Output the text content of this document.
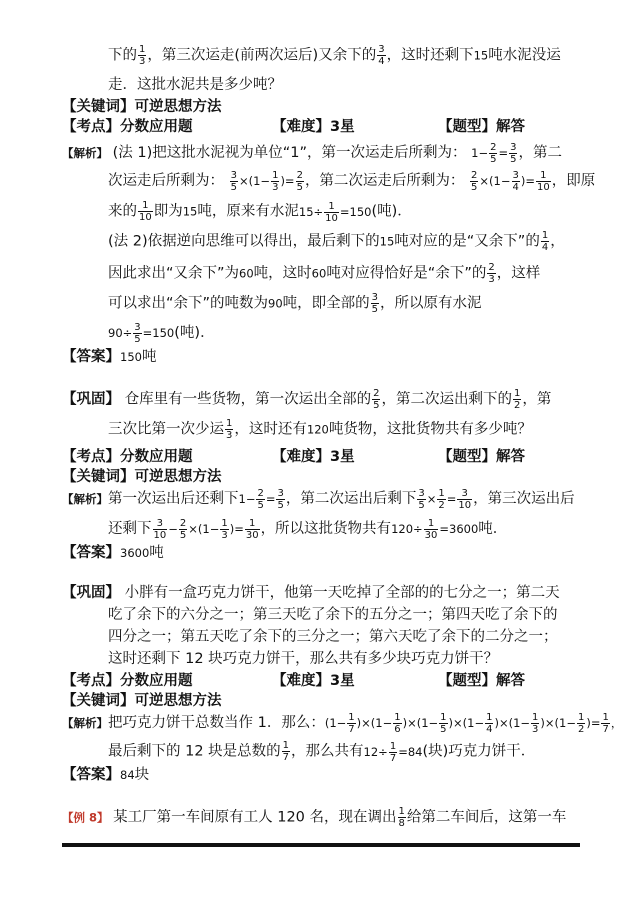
下的 $\frac{1}{3}$ ，第三次运走(前两次运后)又余下的 $\frac{3}{4}$ ，这时还剩下15吨水泥没运
走．这批水泥共是多少吨？
【关键词】可逆思想方法
【考点】分数应用题	【难度】3星	【题型】解答
【解析】 (法 1)把这批水泥视为单位“1”，第一次运走后所剩为： $1- \frac{2}{5} = \frac{3}{5}$ ，第二
次运走后所剩为： $\frac{3}{5} \times(1- \frac{1}{3}$ )= $\frac{2}{5}$ ，第二次运走后所剩为： $\frac{2}{5} \times(1- \frac{3}{4}$ )= $\frac{1}{10}$ ，即原
来的 $\frac{1}{10}$ 即为15吨，原来有水泥$15\div \frac{1}{10} =150$(吨)．
(法 2)依据逆向思维可以得出，最后剩下的15吨对应的是“又余下”的 $\frac{1}{4}$ ，
因此求出“又余下”为60吨，这时60吨对应得恰好是“余下”的 $\frac{2}{3}$ ，这样
可以求出“余下”的吨数为90吨，即全部的 $\frac{3}{5}$ ，所以原有水泥
$90\div \frac{3}{5} =150$(吨)．
【答案】150吨
【巩固】 仓库里有一些货物，第一次运出全部的 $\frac{2}{5}$ ，第二次运出剩下的 $\frac{1}{2}$ ，第
三次比第一次少运 $\frac{1}{3}$ ，这时还有120吨货物，这批货物共有多少吨？
【考点】分数应用题	【难度】3星	【题型】解答
【关键词】可逆思想方法
【解析】第一次运出后还剩下$1- \frac{2}{5} = \frac{3}{5}$ ，第二次运出后剩下 $\frac{3}{5} \times \frac{1}{2} = \frac{3}{10}$ ，第三次运出后
还剩下 $\frac{3}{10} - \frac{2}{5} \times(1- \frac{1}{3}$ )= $\frac{1}{30}$ ，所以这批货物共有$120\div \frac{1}{30} =3600$吨．
【答案】3600吨
【巩固】 小胖有一盒巧克力饼干，他第一天吃掉了全部的的七分之一；第二天
吃了余下的六分之一；第三天吃了余下的五分之一；第四天吃了余下的
四分之一；第五天吃了余下的三分之一；第六天吃了余下的二分之一；
这时还剩下 12 块巧克力饼干，那么共有多少块巧克力饼干？
【考点】分数应用题	【难度】3星	【题型】解答
【关键词】可逆思想方法
【解析】把巧克力饼干总数当作 1．那么：$(1- \frac{1}{7} )\times(1- \frac{1}{6} )\times(1- \frac{1}{5} )\times(1- \frac{1}{4} )\times(1- \frac{1}{3} )\times(1- \frac{1}{2}$ )= $\frac{1}{7}$ ，
最后剩下的 12 块是总数的 $\frac{1}{7}$ ，那么共有$12\div \frac{1}{7} =84$(块)巧克力饼干．
【答案】84块
【例 8】 某工厂第一车间原有工人 120 名，现在调出 $\frac{1}{8}$ 给第二车间后，这第一车
